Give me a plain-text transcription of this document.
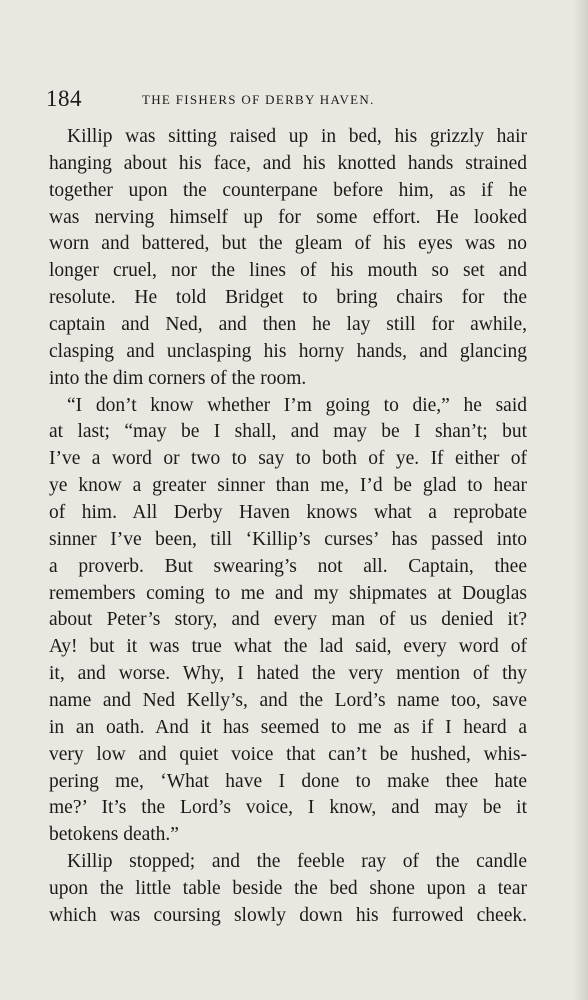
184	THE FISHERS OF DERBY HAVEN.
Killip was sitting raised up in bed, his grizzly hair
hanging about his face, and his knotted hands strained
together upon the counterpane before him, as if he
was nerving himself up for some effort. He looked
worn and battered, but the gleam of his eyes was no
longer cruel, nor the lines of his mouth so set and
resolute. He told Bridget to bring chairs for the
captain and Ned, and then he lay still for awhile,
clasping and unclasping his horny hands, and glancing
into the dim corners of the room.
“I don’t know whether I’m going to die,” he said
at last; “may be I shall, and may be I shan’t; but
I’ve a word or two to say to both of ye. If either of
ye know a greater sinner than me, I’d be glad to hear
of him. All Derby Haven knows what a reprobate
sinner I’ve been, till ‘Killip’s curses’ has passed into
a proverb. But swearing’s not all. Captain, thee
remembers coming to me and my shipmates at Douglas
about Peter’s story, and every man of us denied it?
Ay! but it was true what the lad said, every word of
it, and worse. Why, I hated the very mention of thy
name and Ned Kelly’s, and the Lord’s name too, save
in an oath. And it has seemed to me as if I heard a
very low and quiet voice that can’t be hushed, whis-
pering me, ‘What have I done to make thee hate
me?’ It’s the Lord’s voice, I know, and may be it
betokens death.”
Killip stopped; and the feeble ray of the candle
upon the little table beside the bed shone upon a tear
which was coursing slowly down his furrowed cheek.
